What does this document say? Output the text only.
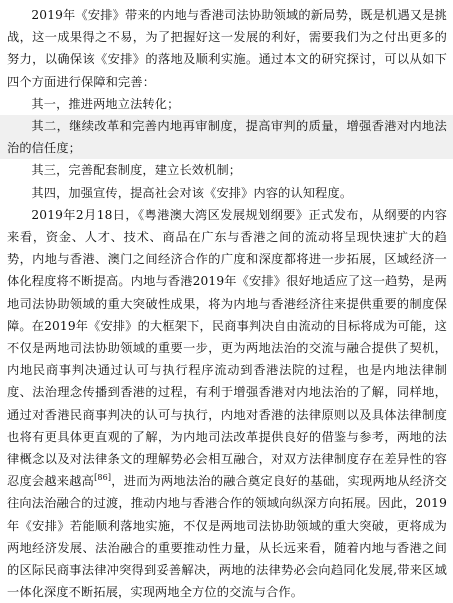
2019年《安排》带来的内地与香港司法协助领域的新局势，既是机遇又是挑战，这一成果得之不易，为了把握好这一发展的利好，需要我们为之付出更多的努力，以确保该《安排》的落地及顺利实施。通过本文的研究探讨，可以从如下四个方面进行保障和完善：

其一，推进两地立法转化；

其二，继续改革和完善内地再审制度，提高审判的质量，增强香港对内地法治的信任度；

其三，完善配套制度，建立长效机制；

其四，加强宣传，提高社会对该《安排》内容的认知程度。

2019年2月18日，《粤港澳大湾区发展规划纲要》正式发布，从纲要的内容来看，资金、人才、技术、商品在广东与香港之间的流动将呈现快速扩大的趋势，内地与香港、澳门之间经济合作的广度和深度都将进一步拓展，区域经济一体化程度将不断提高。内地与香港2019年《安排》很好地适应了这一趋势，是两地司法协助领域的重大突破性成果，将为内地与香港经济往来提供重要的制度保障。在2019年《安排》的大框架下，民商事判决自由流动的目标将成为可能，这不仅是两地司法协助领域的重要一步，更为两地法治的交流与融合提供了契机，内地民商事判决通过认可与执行程序流动到香港法院的过程，也是内地法律制度、法治理念传播到香港的过程，有利于增强香港对内地法治的了解，同样地，通过对香港民商事判决的认可与执行，内地对香港的法律原则以及具体法律制度也将有更具体更直观的了解，为内地司法改革提供良好的借鉴与参考，两地的法律概念以及对法律条文的理解势必会相互融合，对双方法律制度存在差异性的容忍度会越来越高[86]，进而为两地法治的融合奠定良好的基础，实现两地从经济交往向法治融合的过渡，推动内地与香港合作的领域向纵深方向拓展。因此，2019年《安排》若能顺利落地实施，不仅是两地司法协助领域的重大突破，更将成为两地经济发展、法治融合的重要推动性力量，从长远来看，随着内地与香港之间的区际民商事法律冲突得到妥善解决，两地的法律势必会向趋同化发展,带来区域一体化深度不断拓展，实现两地全方位的交流与合作。
